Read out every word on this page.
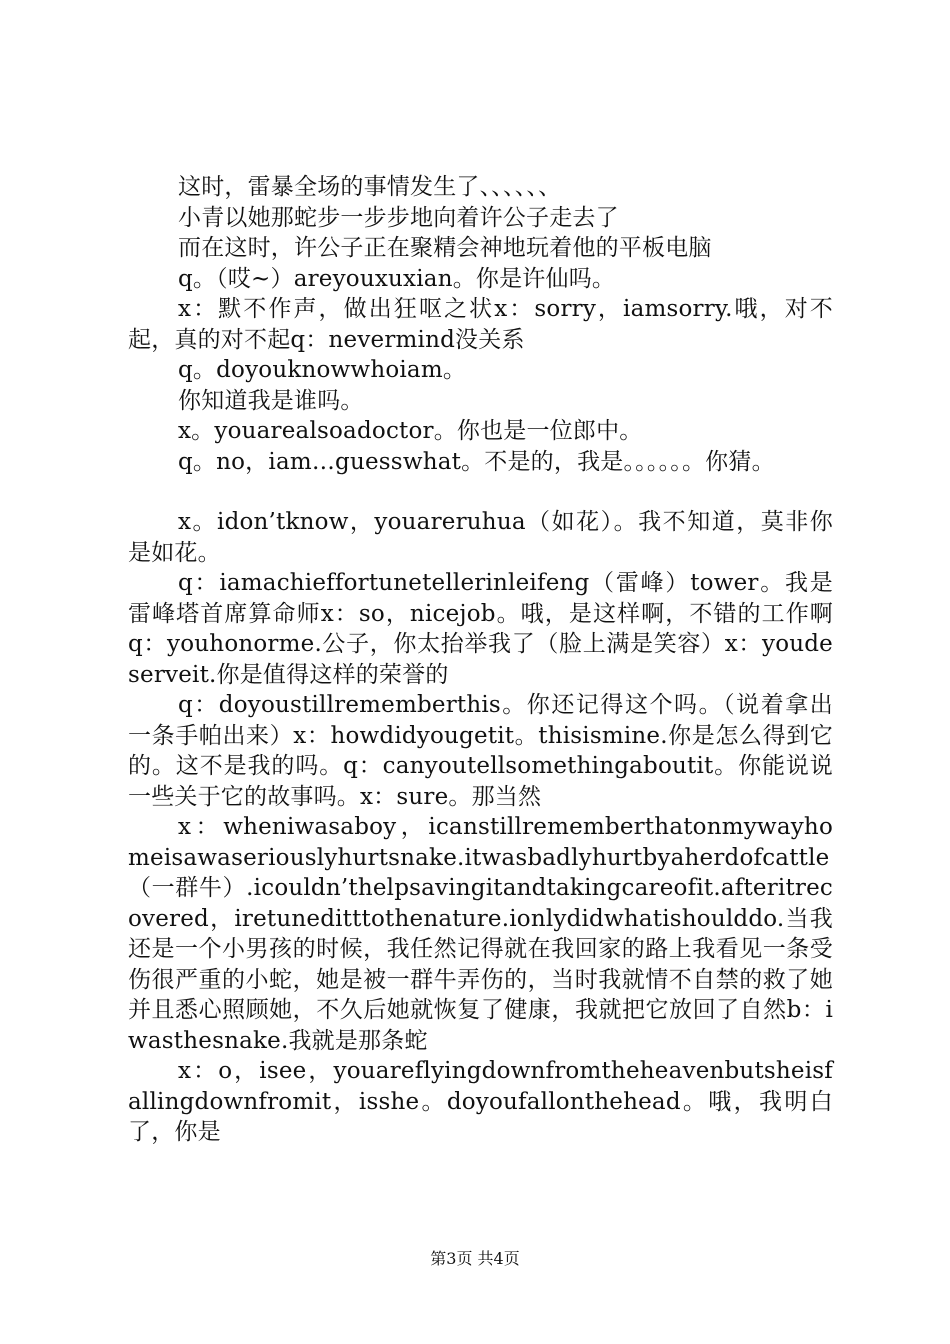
这时，雷暴全场的事情发生了、、、、、、

小青以她那蛇步一步步地向着许公子走去了

而在这时，许公子正在聚精会神地玩着他的平板电脑

q。（哎~）areyouxuxian。你是许仙吗。

x：默不作声，做出狂呕之状x：sorry，iamsorry.哦，对不起，真的对不起q：nevermind没关系

q。doyouknowwhoiam。

你知道我是谁吗。

x。youarealsoadoctor。你也是一位郎中。

q。no，iam…guesswhat。不是的，我是。。。。。。你猜。

x。idon’tknow，youareruhua（如花）。我不知道，莫非你是如花。

q：iamachieffortunetellerinleifeng（雷峰）tower。我是雷峰塔首席算命师x：so，nicejob。哦，是这样啊，不错的工作啊q：youhonorme.公子，你太抬举我了（脸上满是笑容）x：youdeserveit.你是值得这样的荣誉的

q：doyoustillrememberthis。你还记得这个吗。（说着拿出一条手帕出来）x：howdidyougetit。thisismine.你是怎么得到它的。这不是我的吗。q：canyoutellsomethingaboutit。你能说说一些关于它的故事吗。x：sure。那当然

x：wheniwasaboy，icanstillrememberthatonmywayhomeisawaseriouslyhurtsnake.itwasbadlyhurtbyaherdofcattle（一群牛）.icouldn’thelpsavingitandtakingcareofit.afteritrecovered，iretuneditttothenature.ionlydidwhatishoulddo.当我还是一个小男孩的时候，我任然记得就在我回家的路上我看见一条受伤很严重的小蛇，她是被一群牛弄伤的，当时我就情不自禁的救了她并且悉心照顾她，不久后她就恢复了健康，我就把它放回了自然b：iwasthesnake.我就是那条蛇

x：o，isee，youareflyingdownfromtheheavenbutsheisfallingdownfromit，isshe。doyoufallonthehead。哦，我明白了，你是

第3页 共4页
